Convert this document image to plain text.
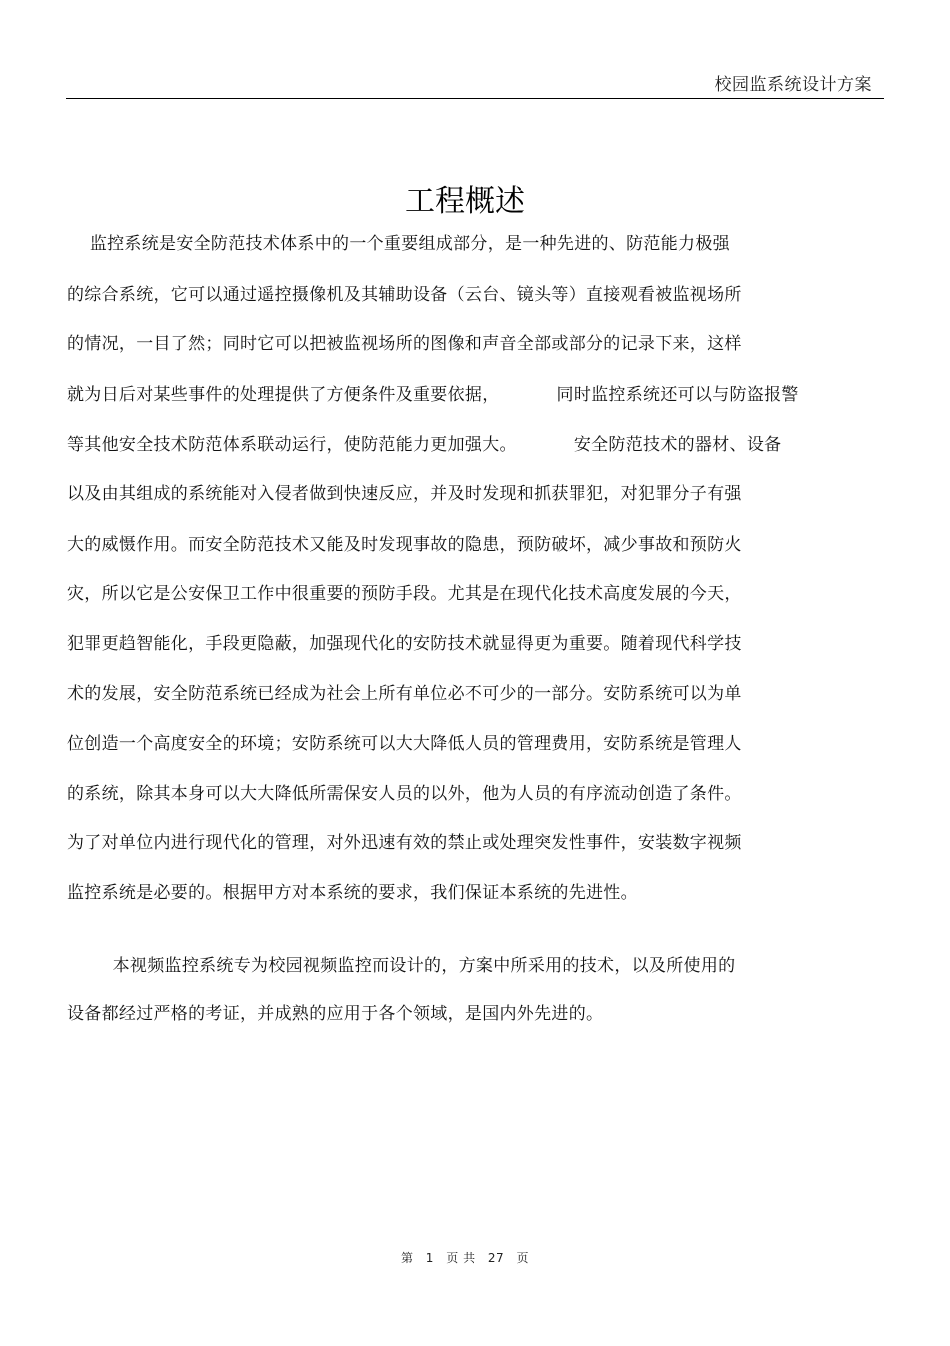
校园监系统设计方案
工程概述
监控系统是安全防范技术体系中的一个重要组成部分，是一种先进的、防范能力极强
的综合系统，它可以通过遥控摄像机及其辅助设备（云台、镜头等）直接观看被监视场所
的情况，一目了然；同时它可以把被监视场所的图像和声音全部或部分的记录下来，这样
就为日后对某些事件的处理提供了方便条件及重要依据，          同时监控系统还可以与防盗报警
等其他安全技术防范体系联动运行，使防范能力更加强大。          安全防范技术的器材、设备
以及由其组成的系统能对入侵者做到快速反应，并及时发现和抓获罪犯，对犯罪分子有强
大的威慑作用。而安全防范技术又能及时发现事故的隐患，预防破坏，减少事故和预防火
灾，所以它是公安保卫工作中很重要的预防手段。尤其是在现代化技术高度发展的今天，
犯罪更趋智能化，手段更隐蔽，加强现代化的安防技术就显得更为重要。随着现代科学技
术的发展，安全防范系统已经成为社会上所有单位必不可少的一部分。安防系统可以为单
位创造一个高度安全的环境；安防系统可以大大降低人员的管理费用，安防系统是管理人
的系统，除其本身可以大大降低所需保安人员的以外，他为人员的有序流动创造了条件。
为了对单位内进行现代化的管理，对外迅速有效的禁止或处理突发性事件，安装数字视频
监控系统是必要的。根据甲方对本系统的要求，我们保证本系统的先进性。
本视频监控系统专为校园视频监控而设计的，方案中所采用的技术，以及所使用的
设备都经过严格的考证，并成熟的应用于各个领域，是国内外先进的。
第 1 页 共 27 页
